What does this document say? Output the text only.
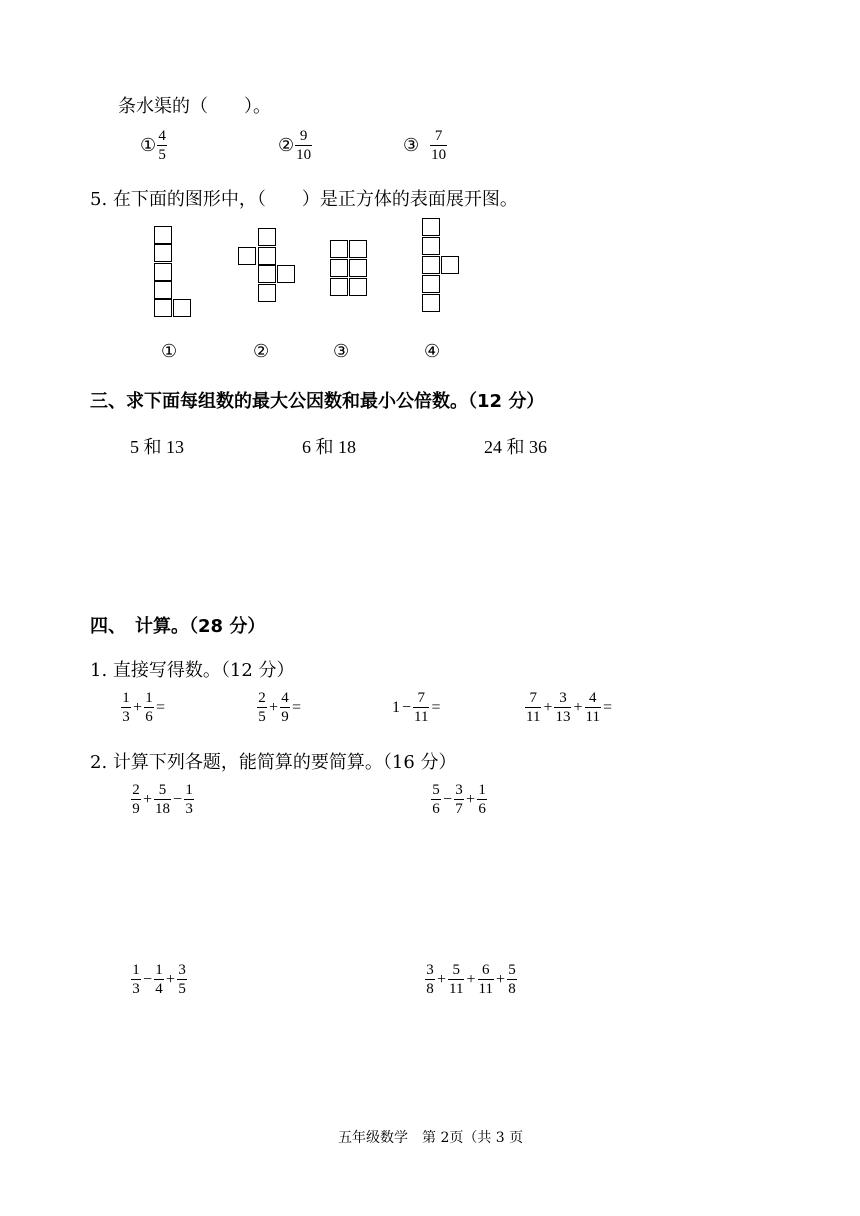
条水渠的（　　）。
① $\frac{4}{5}$	② $\frac{9}{10}$	③ $\frac{7}{10}$
5. 在下面的图形中，（　　）是正方体的表面展开图。
①	②	③	④
三、求下面每组数的最大公因数和最小公倍数。（12 分）
5 和 13	6 和 18	24 和 36
四、　计算。（28 分）
1. 直接写得数。（12 分）
$\frac{1}{3} + \frac{1}{6}$ =	$\frac{2}{5} + \frac{4}{9}$ =	$1 - \frac{7}{11}$ =	$\frac{7}{11} + \frac{3}{13} + \frac{4}{11}$ =
2. 计算下列各题，能简算的要简算。（16 分）
$\frac{2}{9} + \frac{5}{18} - \frac{1}{3}$	$\frac{5}{6} - \frac{3}{7} + \frac{1}{6}$
$\frac{1}{3} - \frac{1}{4} + \frac{3}{5}$	$\frac{3}{8} + \frac{5}{11} + \frac{6}{11} + \frac{5}{8}$
五年级数学　第 2页（共 3 页
